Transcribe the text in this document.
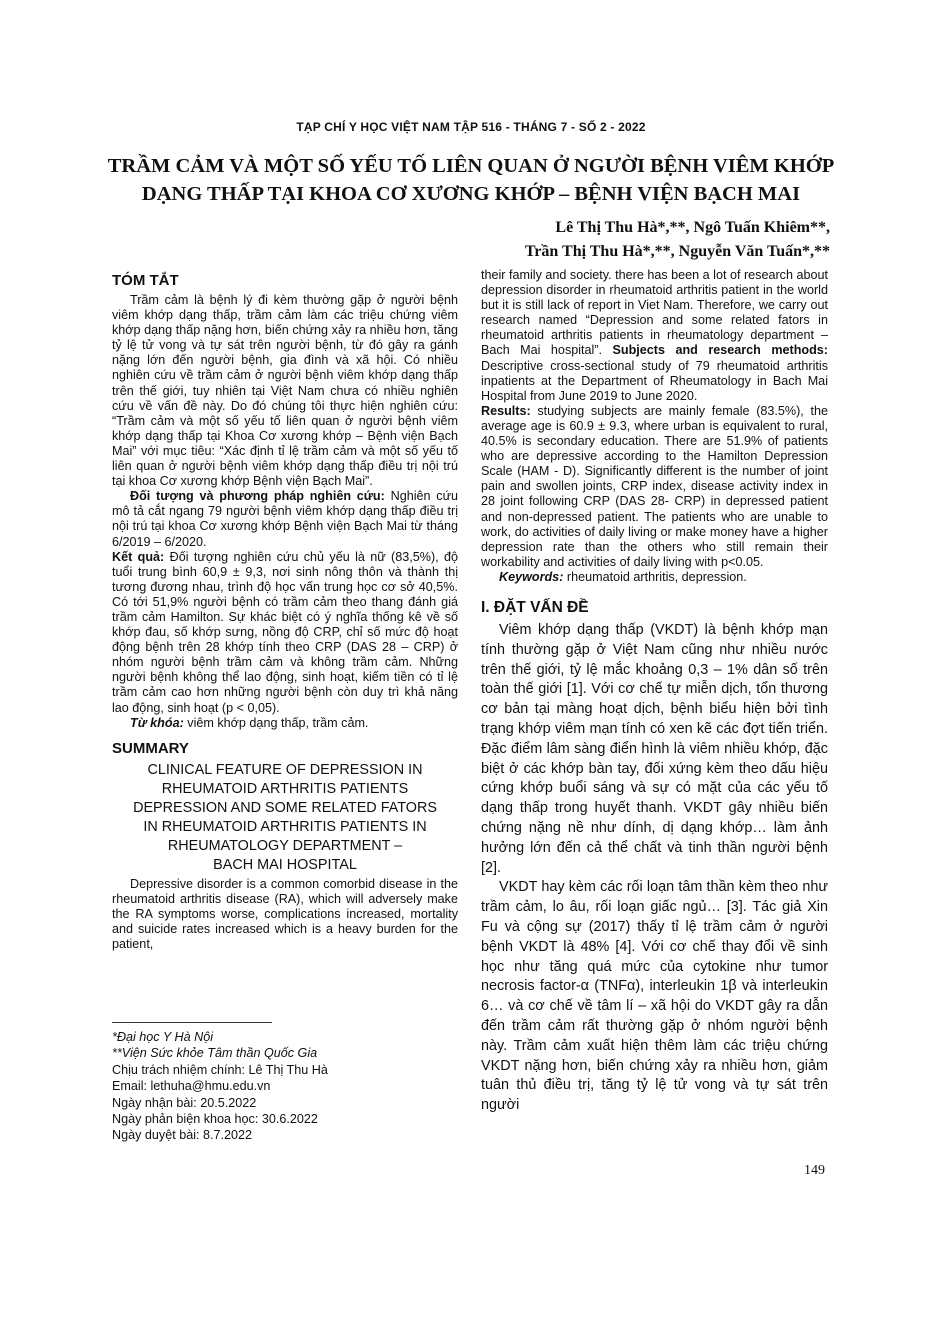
TẠP CHÍ Y HỌC VIỆT NAM TẬP 516 - THÁNG 7 - SỐ 2 - 2022
TRẦM CẢM VÀ MỘT SỐ YẾU TỐ LIÊN QUAN Ở NGƯỜI BỆNH VIÊM KHỚP
DẠNG THẤP TẠI KHOA CƠ XƯƠNG KHỚP – BỆNH VIỆN BẠCH MAI
Lê Thị Thu Hà*,**, Ngô Tuấn Khiêm**,
Trần Thị Thu Hà*,**, Nguyễn Văn Tuấn*,**
TÓM TẮT

Trầm cảm là bệnh lý đi kèm thường gặp ở người bệnh viêm khớp dạng thấp, trầm cảm làm các triệu chứng viêm khớp dạng thấp nặng hơn, biến chứng xảy ra nhiều hơn, tăng tỷ lệ tử vong và tự sát trên người bệnh, từ đó gây ra gánh nặng lớn đến người bệnh, gia đình và xã hội. Có nhiều nghiên cứu về trầm cảm ở người bệnh viêm khớp dạng thấp trên thế giới, tuy nhiên tại Việt Nam chưa có nhiều nghiên cứu về vấn đề này. Do đó chúng tôi thực hiện nghiên cứu: “Trầm cảm và một số yếu tố liên quan ở người bệnh viêm khớp dạng thấp tại Khoa Cơ xương khớp – Bệnh viện Bạch Mai” với mục tiêu: “Xác định tỉ lệ trầm cảm và một số yếu tố liên quan ở người bệnh viêm khớp dạng thấp điều trị nội trú tại khoa Cơ xương khớp Bệnh viện Bạch Mai”.

Đối tượng và phương pháp nghiên cứu: Nghiên cứu mô tả cắt ngang 79 người bệnh viêm khớp dạng thấp điều trị nội trú tại khoa Cơ xương khớp Bệnh viện Bạch Mai từ tháng 6/2019 – 6/2020.

Kết quả: Đối tượng nghiên cứu chủ yếu là nữ (83,5%), độ tuổi trung bình 60,9 ± 9,3, nơi sinh nông thôn và thành thị tương đương nhau, trình độ học vấn trung học cơ sở 40,5%. Có tới 51,9% người bệnh có trầm cảm theo thang đánh giá trầm cảm Hamilton. Sự khác biệt có ý nghĩa thống kê về số khớp đau, số khớp sưng, nồng độ CRP, chỉ số mức độ hoạt động bệnh trên 28 khớp tính theo CRP (DAS 28 – CRP) ở nhóm người bệnh trầm cảm và không trầm cảm. Những người bệnh không thể lao động, sinh hoạt, kiếm tiền có tỉ lệ trầm cảm cao hơn những người bệnh còn duy trì khả năng lao động, sinh hoạt (p < 0,05).

Từ khóa: viêm khớp dạng thấp, trầm cảm.

SUMMARY
CLINICAL FEATURE OF DEPRESSION IN
RHEUMATOID ARTHRITIS PATIENTS
DEPRESSION AND SOME RELATED FATORS
IN RHEUMATOID ARTHRITIS PATIENTS IN
RHEUMATOLOGY DEPARTMENT –
BACH MAI HOSPITAL

Depressive disorder is a common comorbid disease in the rheumatoid arthritis disease (RA), which will adversely make the RA symptoms worse, complications increased, mortality and suicide rates increased which is a heavy burden for the patient,

*Đại học Y Hà Nội
**Viện Sức khỏe Tâm thần Quốc Gia
Chịu trách nhiệm chính: Lê Thị Thu Hà
Email: lethuha@hmu.edu.vn
Ngày nhận bài: 20.5.2022
Ngày phản biện khoa học: 30.6.2022
Ngày duyệt bài: 8.7.2022

their family and society. there has been a lot of research about depression disorder in rheumatoid arthritis patient in the world but it is still lack of report in Viet Nam. Therefore, we carry out research named “Depression and some related fators in rheumatoid arthritis patients in rheumatology department – Bach Mai hospital”. Subjects and research methods: Descriptive cross-sectional study of 79 rheumatoid arthritis inpatients at the Department of Rheumatology in Bach Mai Hospital from June 2019 to June 2020.

Results: studying subjects are mainly female (83.5%), the average age is 60.9 ± 9.3, where urban is equivalent to rural, 40.5% is secondary education. There are 51.9% of patients who are depressive according to the Hamilton Depression Scale (HAM - D). Significantly different is the number of joint pain and swollen joints, CRP index, disease activity index in 28 joint following CRP (DAS 28- CRP) in depressed patient and non-depressed patient. The patients who are unable to work, do activities of daily living or make money have a higher depression rate than the others who still remain their workability and activities of daily living with p<0.05.

Keywords: rheumatoid arthritis, depression.

I. ĐẶT VẤN ĐỀ

Viêm khớp dạng thấp (VKDT) là bệnh khớp mạn tính thường gặp ở Việt Nam cũng như nhiều nước trên thế giới, tỷ lệ mắc khoảng 0,3 – 1% dân số trên toàn thế giới [1]. Với cơ chế tự miễn dịch, tổn thương cơ bản tại màng hoạt dịch, bệnh biểu hiện bởi tình trạng khớp viêm mạn tính có xen kẽ các đợt tiến triển. Đặc điểm lâm sàng điển hình là viêm nhiều khớp, đặc biệt ở các khớp bàn tay, đối xứng kèm theo dấu hiệu cứng khớp buổi sáng và sự có mặt của các yếu tố dạng thấp trong huyết thanh. VKDT gây nhiều biến chứng nặng nề như dính, dị dạng khớp… làm ảnh hưởng lớn đến cả thể chất và tinh thần người bệnh [2].

VKDT hay kèm các rối loạn tâm thần kèm theo như trầm cảm, lo âu, rối loạn giấc ngủ… [3]. Tác giả Xin Fu và cộng sự (2017) thấy tỉ lệ trầm cảm ở người bệnh VKDT là 48% [4]. Với cơ chế thay đổi về sinh học như tăng quá mức của cytokine như tumor necrosis factor-α (TNFα), interleukin 1β và interleukin 6… và cơ chế về tâm lí – xã hội do VKDT gây ra dẫn đến trầm cảm rất thường gặp ở nhóm người bệnh này. Trầm cảm xuất hiện thêm làm các triệu chứng VKDT nặng hơn, biến chứng xảy ra nhiều hơn, giảm tuân thủ điều trị, tăng tỷ lệ tử vong và tự sát trên người

149
